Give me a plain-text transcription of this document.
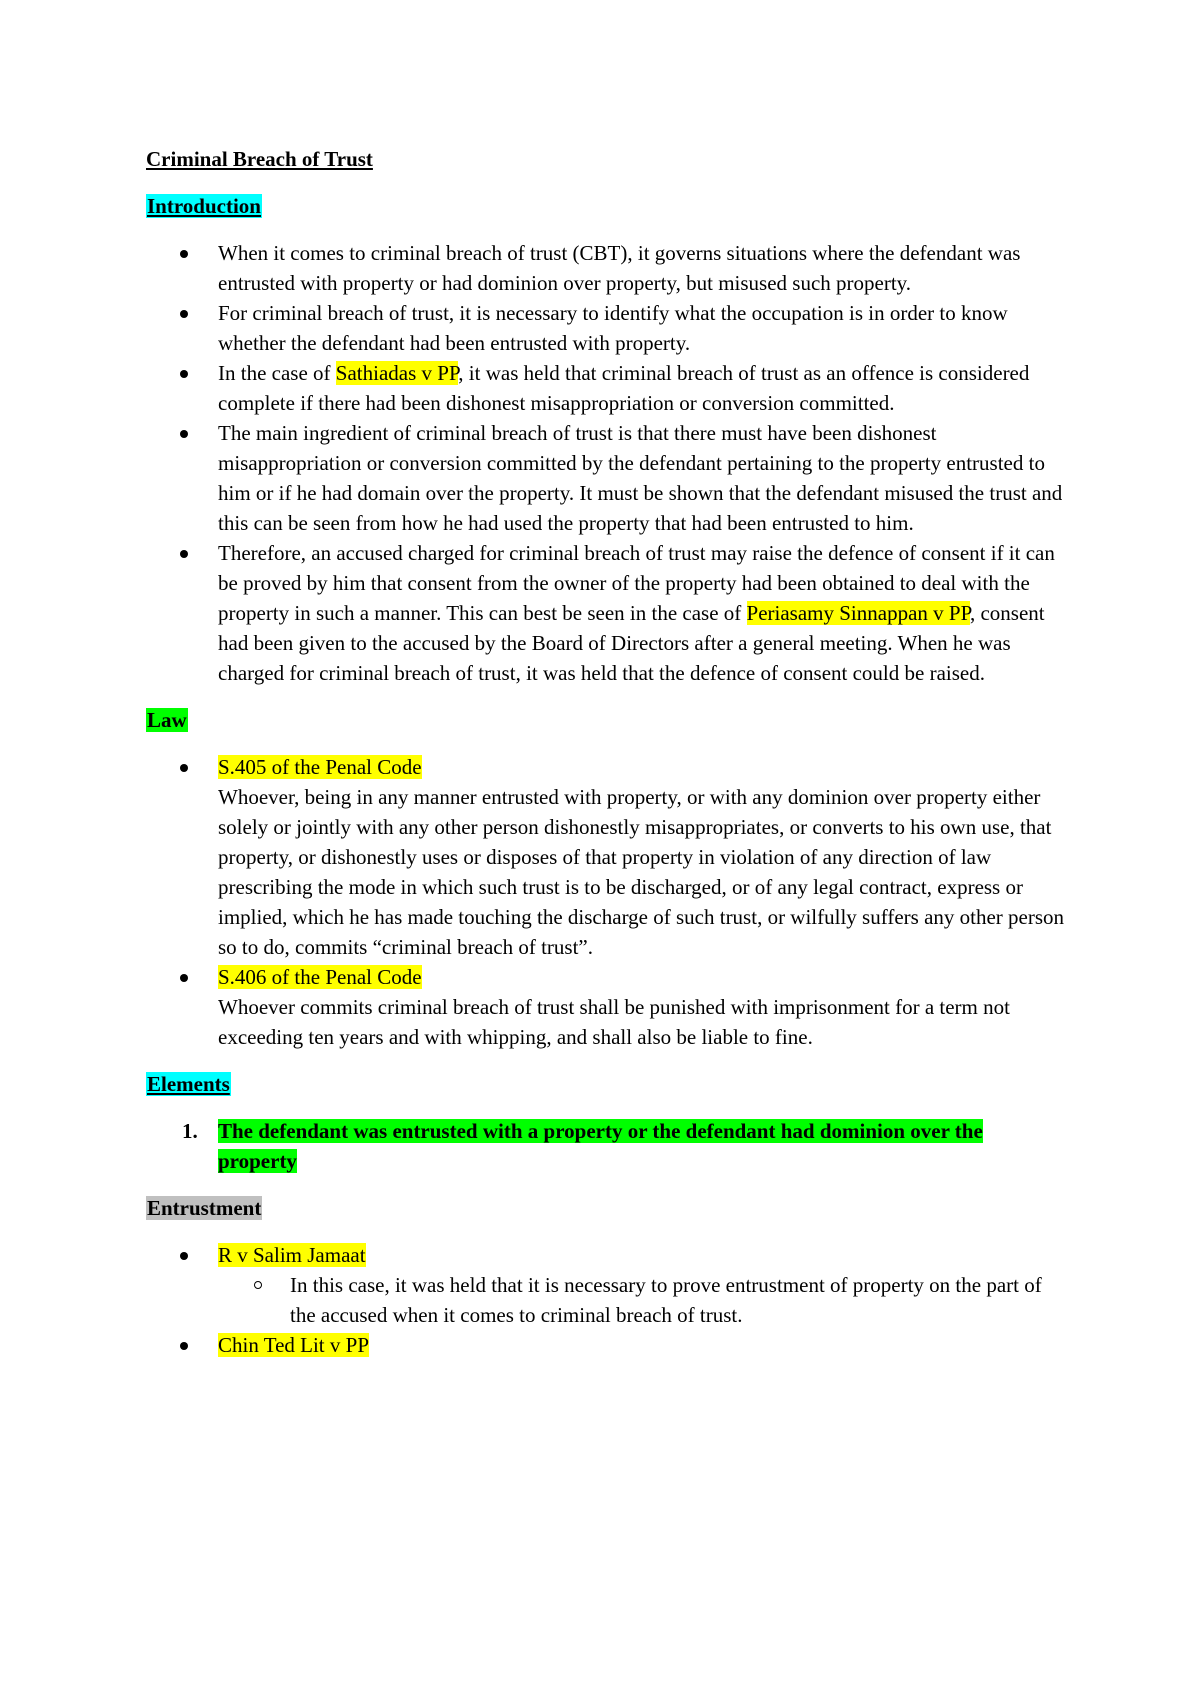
Criminal Breach of Trust

Introduction

When it comes to criminal breach of trust (CBT), it governs situations where the defendant was entrusted with property or had dominion over property, but misused such property.
For criminal breach of trust, it is necessary to identify what the occupation is in order to know whether the defendant had been entrusted with property.
In the case of Sathiadas v PP, it was held that criminal breach of trust as an offence is considered complete if there had been dishonest misappropriation or conversion committed.
The main ingredient of criminal breach of trust is that there must have been dishonest misappropriation or conversion committed by the defendant pertaining to the property entrusted to him or if he had domain over the property. It must be shown that the defendant misused the trust and this can be seen from how he had used the property that had been entrusted to him.
Therefore, an accused charged for criminal breach of trust may raise the defence of consent if it can be proved by him that consent from the owner of the property had been obtained to deal with the property in such a manner. This can best be seen in the case of Periasamy Sinnappan v PP, consent had been given to the accused by the Board of Directors after a general meeting. When he was charged for criminal breach of trust, it was held that the defence of consent could be raised.

Law

S.405 of the Penal Code
Whoever, being in any manner entrusted with property, or with any dominion over property either solely or jointly with any other person dishonestly misappropriates, or converts to his own use, that property, or dishonestly uses or disposes of that property in violation of any direction of law prescribing the mode in which such trust is to be discharged, or of any legal contract, express or implied, which he has made touching the discharge of such trust, or wilfully suffers any other person so to do, commits “criminal breach of trust”.
S.406 of the Penal Code
Whoever commits criminal breach of trust shall be punished with imprisonment for a term not exceeding ten years and with whipping, and shall also be liable to fine.

Elements

1. The defendant was entrusted with a property or the defendant had dominion over the property

Entrustment

R v Salim Jamaat
In this case, it was held that it is necessary to prove entrustment of property on the part of the accused when it comes to criminal breach of trust.
Chin Ted Lit v PP
